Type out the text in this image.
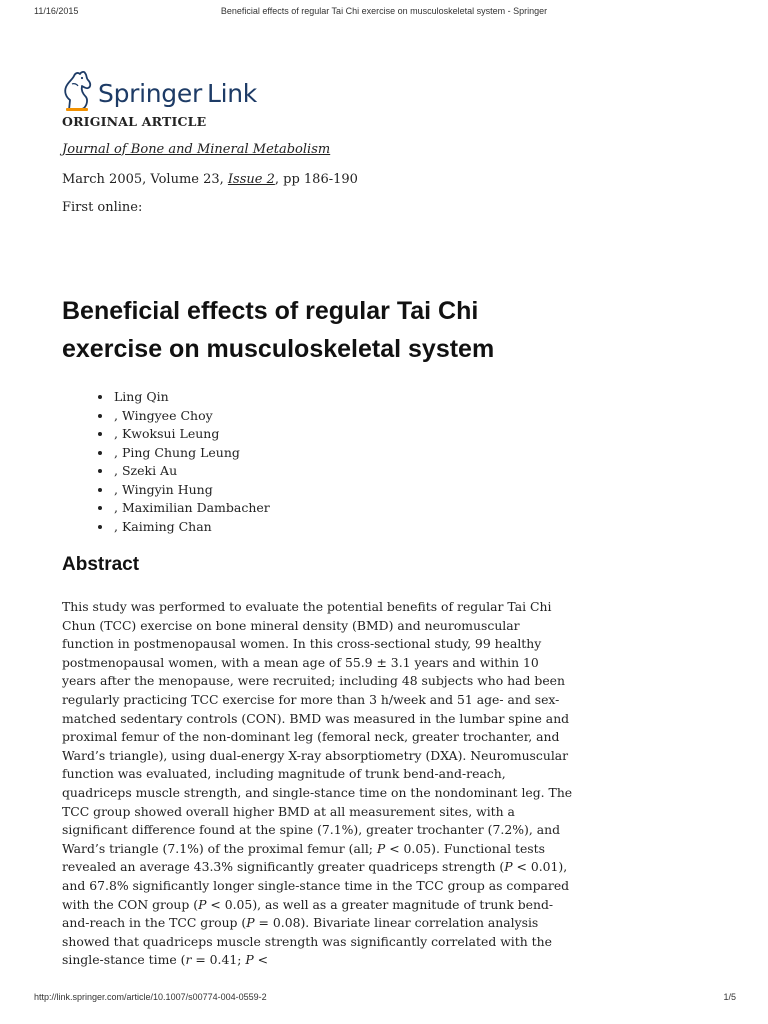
11/16/2015	Beneficial effects of regular Tai Chi exercise on musculoskeletal system - Springer
Springer Link
ORIGINAL ARTICLE
Journal of Bone and Mineral Metabolism
March 2005, Volume 23, Issue 2, pp 186-190
First online:
Beneficial effects of regular Tai Chi exercise on musculoskeletal system
• Ling Qin
• , Wingyee Choy
• , Kwoksui Leung
• , Ping Chung Leung
• , Szeki Au
• , Wingyin Hung
• , Maximilian Dambacher
• , Kaiming Chan
Abstract

This study was performed to evaluate the potential benefits of regular Tai Chi Chun (TCC) exercise on bone mineral density (BMD) and neuromuscular function in postmenopausal women. In this cross-sectional study, 99 healthy postmenopausal women, with a mean age of 55.9 ± 3.1 years and within 10 years after the menopause, were recruited; including 48 subjects who had been regularly practicing TCC exercise for more than 3 h/week and 51 age- and sex-matched sedentary controls (CON). BMD was measured in the lumbar spine and proximal femur of the non-dominant leg (femoral neck, greater trochanter, and Ward’s triangle), using dual-energy X-ray absorptiometry (DXA). Neuromuscular function was evaluated, including magnitude of trunk bend-and-reach, quadriceps muscle strength, and single-stance time on the nondominant leg. The TCC group showed overall higher BMD at all measurement sites, with a significant difference found at the spine (7.1%), greater trochanter (7.2%), and Ward’s triangle (7.1%) of the proximal femur (all; P < 0.05). Functional tests revealed an average 43.3% significantly greater quadriceps strength (P < 0.01), and 67.8% significantly longer single-stance time in the TCC group as compared with the CON group (P < 0.05), as well as a greater magnitude of trunk bend-and-reach in the TCC group (P = 0.08). Bivariate linear correlation analysis showed that quadriceps muscle strength was significantly correlated with the single-stance time (r = 0.41; P <

http://link.springer.com/article/10.1007/s00774-004-0559-2	1/5
